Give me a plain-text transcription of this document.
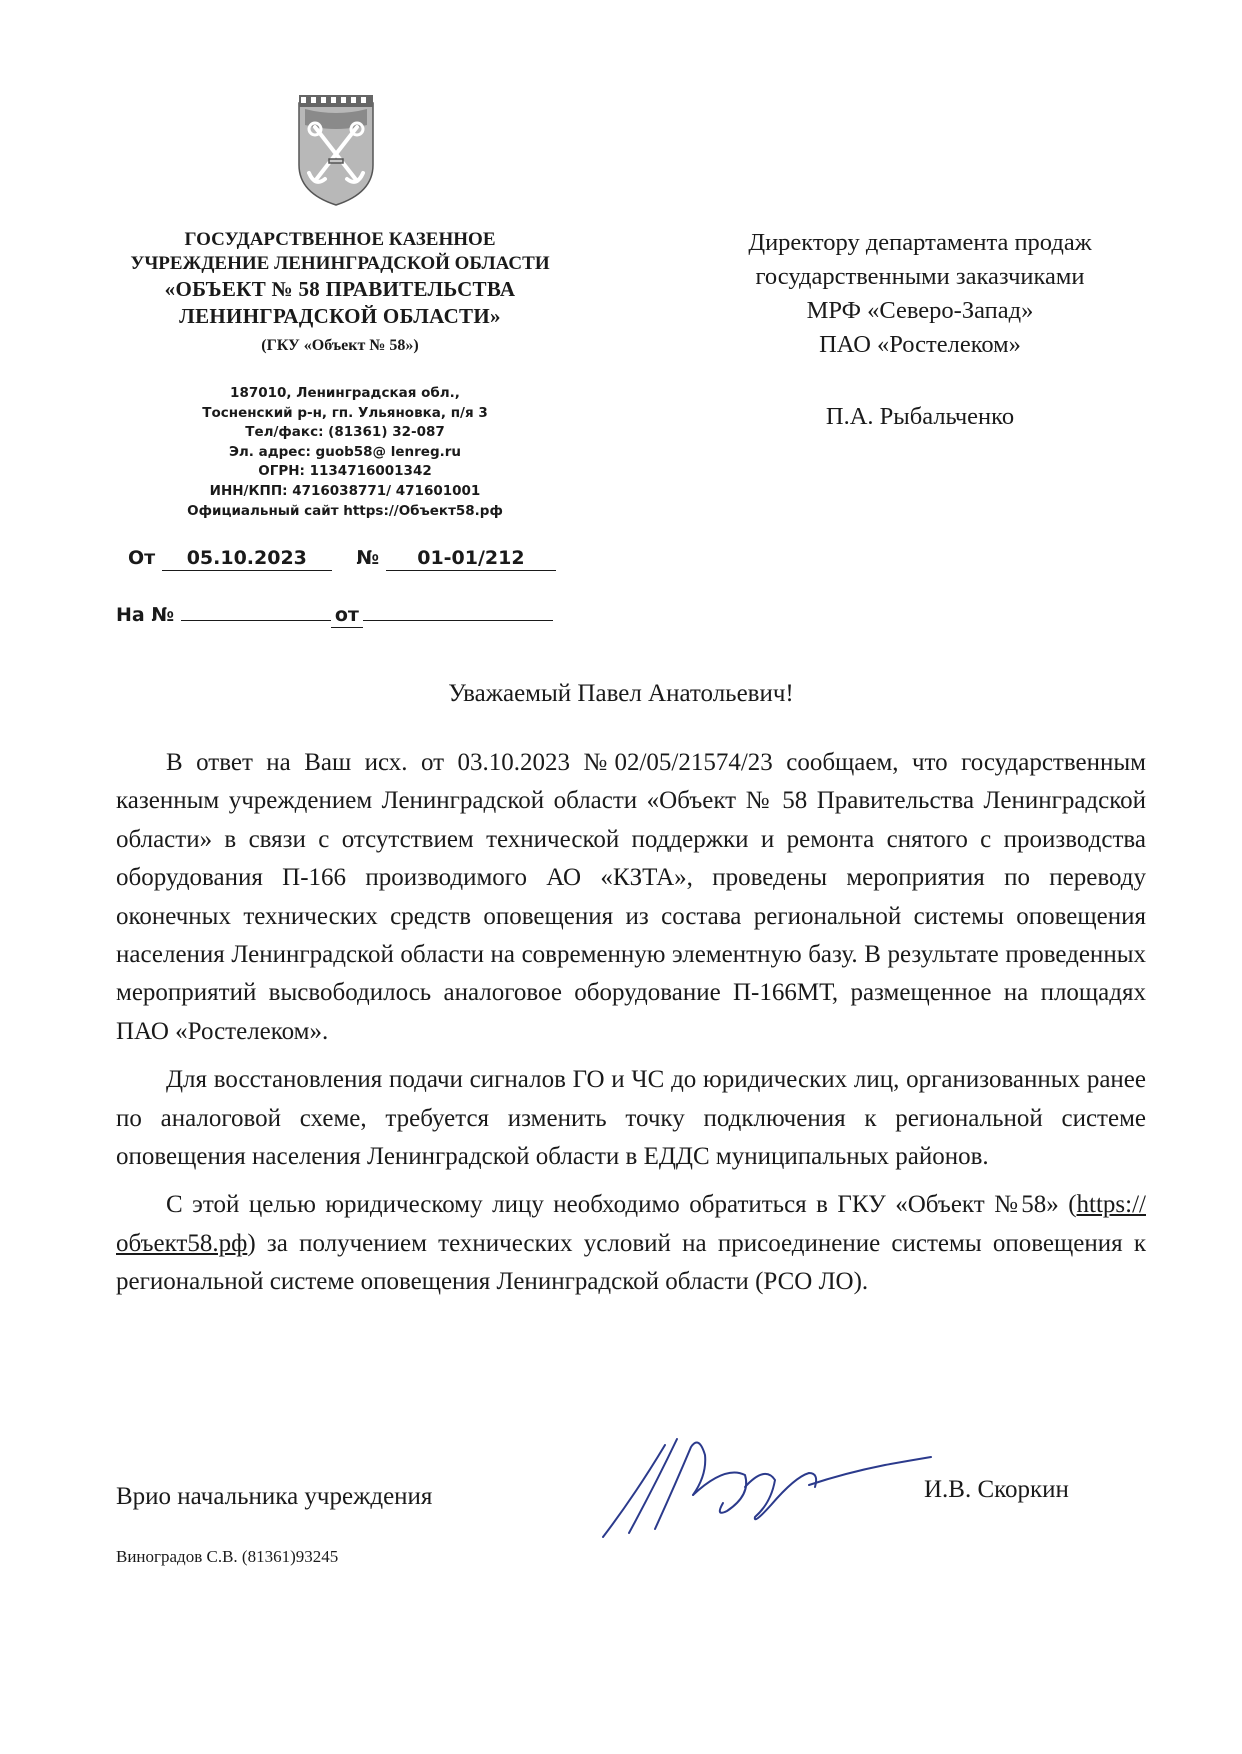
ГОСУДАРСТВЕННОЕ КАЗЕННОЕ
УЧРЕЖДЕНИЕ ЛЕНИНГРАДСКОЙ ОБЛАСТИ
«ОБЪЕКТ № 58 ПРАВИТЕЛЬСТВА
ЛЕНИНГРАДСКОЙ ОБЛАСТИ»
(ГКУ «Объект № 58»)
187010, Ленинградская обл.,
Тосненский р-н, гп. Ульяновка, п/я 3
Тел/факс: (81361) 32-087
Эл. адрес: guob58@ lenreg.ru
ОГРН: 1134716001342
ИНН/КПП: 4716038771/ 471601001
Официальный сайт https://Объект58.рф
От 05.10.2023	№ 01-01/212
На №	от
Директору департамента продаж
государственными заказчиками
МРФ «Северо-Запад»
ПАО «Ростелеком»
П.А. Рыбальченко
Уважаемый Павел Анатольевич!

В ответ на Ваш исх. от 03.10.2023 №02/05/21574/23 сообщаем, что государственным казенным учреждением Ленинградской области «Объект № 58 Правительства Ленинградской области» в связи с отсутствием технической поддержки и ремонта снятого с производства оборудования П-166 производимого АО «КЗТА», проведены мероприятия по переводу оконечных технических средств оповещения из состава региональной системы оповещения населения Ленинградской области на современную элементную базу. В результате проведенных мероприятий высвободилось аналоговое оборудование П-166МТ, размещенное на площадях ПАО «Ростелеком».

Для восстановления подачи сигналов ГО и ЧС до юридических лиц, организованных ранее по аналоговой схеме, требуется изменить точку подключения к региональной системе оповещения населения Ленинградской области в ЕДДС муниципальных районов.

С этой целью юридическому лицу необходимо обратиться в ГКУ «Объект №58» (https://объект58.рф) за получением технических условий на присоединение системы оповещения к региональной системе оповещения Ленинградской области (РСО ЛО).

Врио начальника учреждения	И.В. Скоркин
Виноградов С.В. (81361)93245
